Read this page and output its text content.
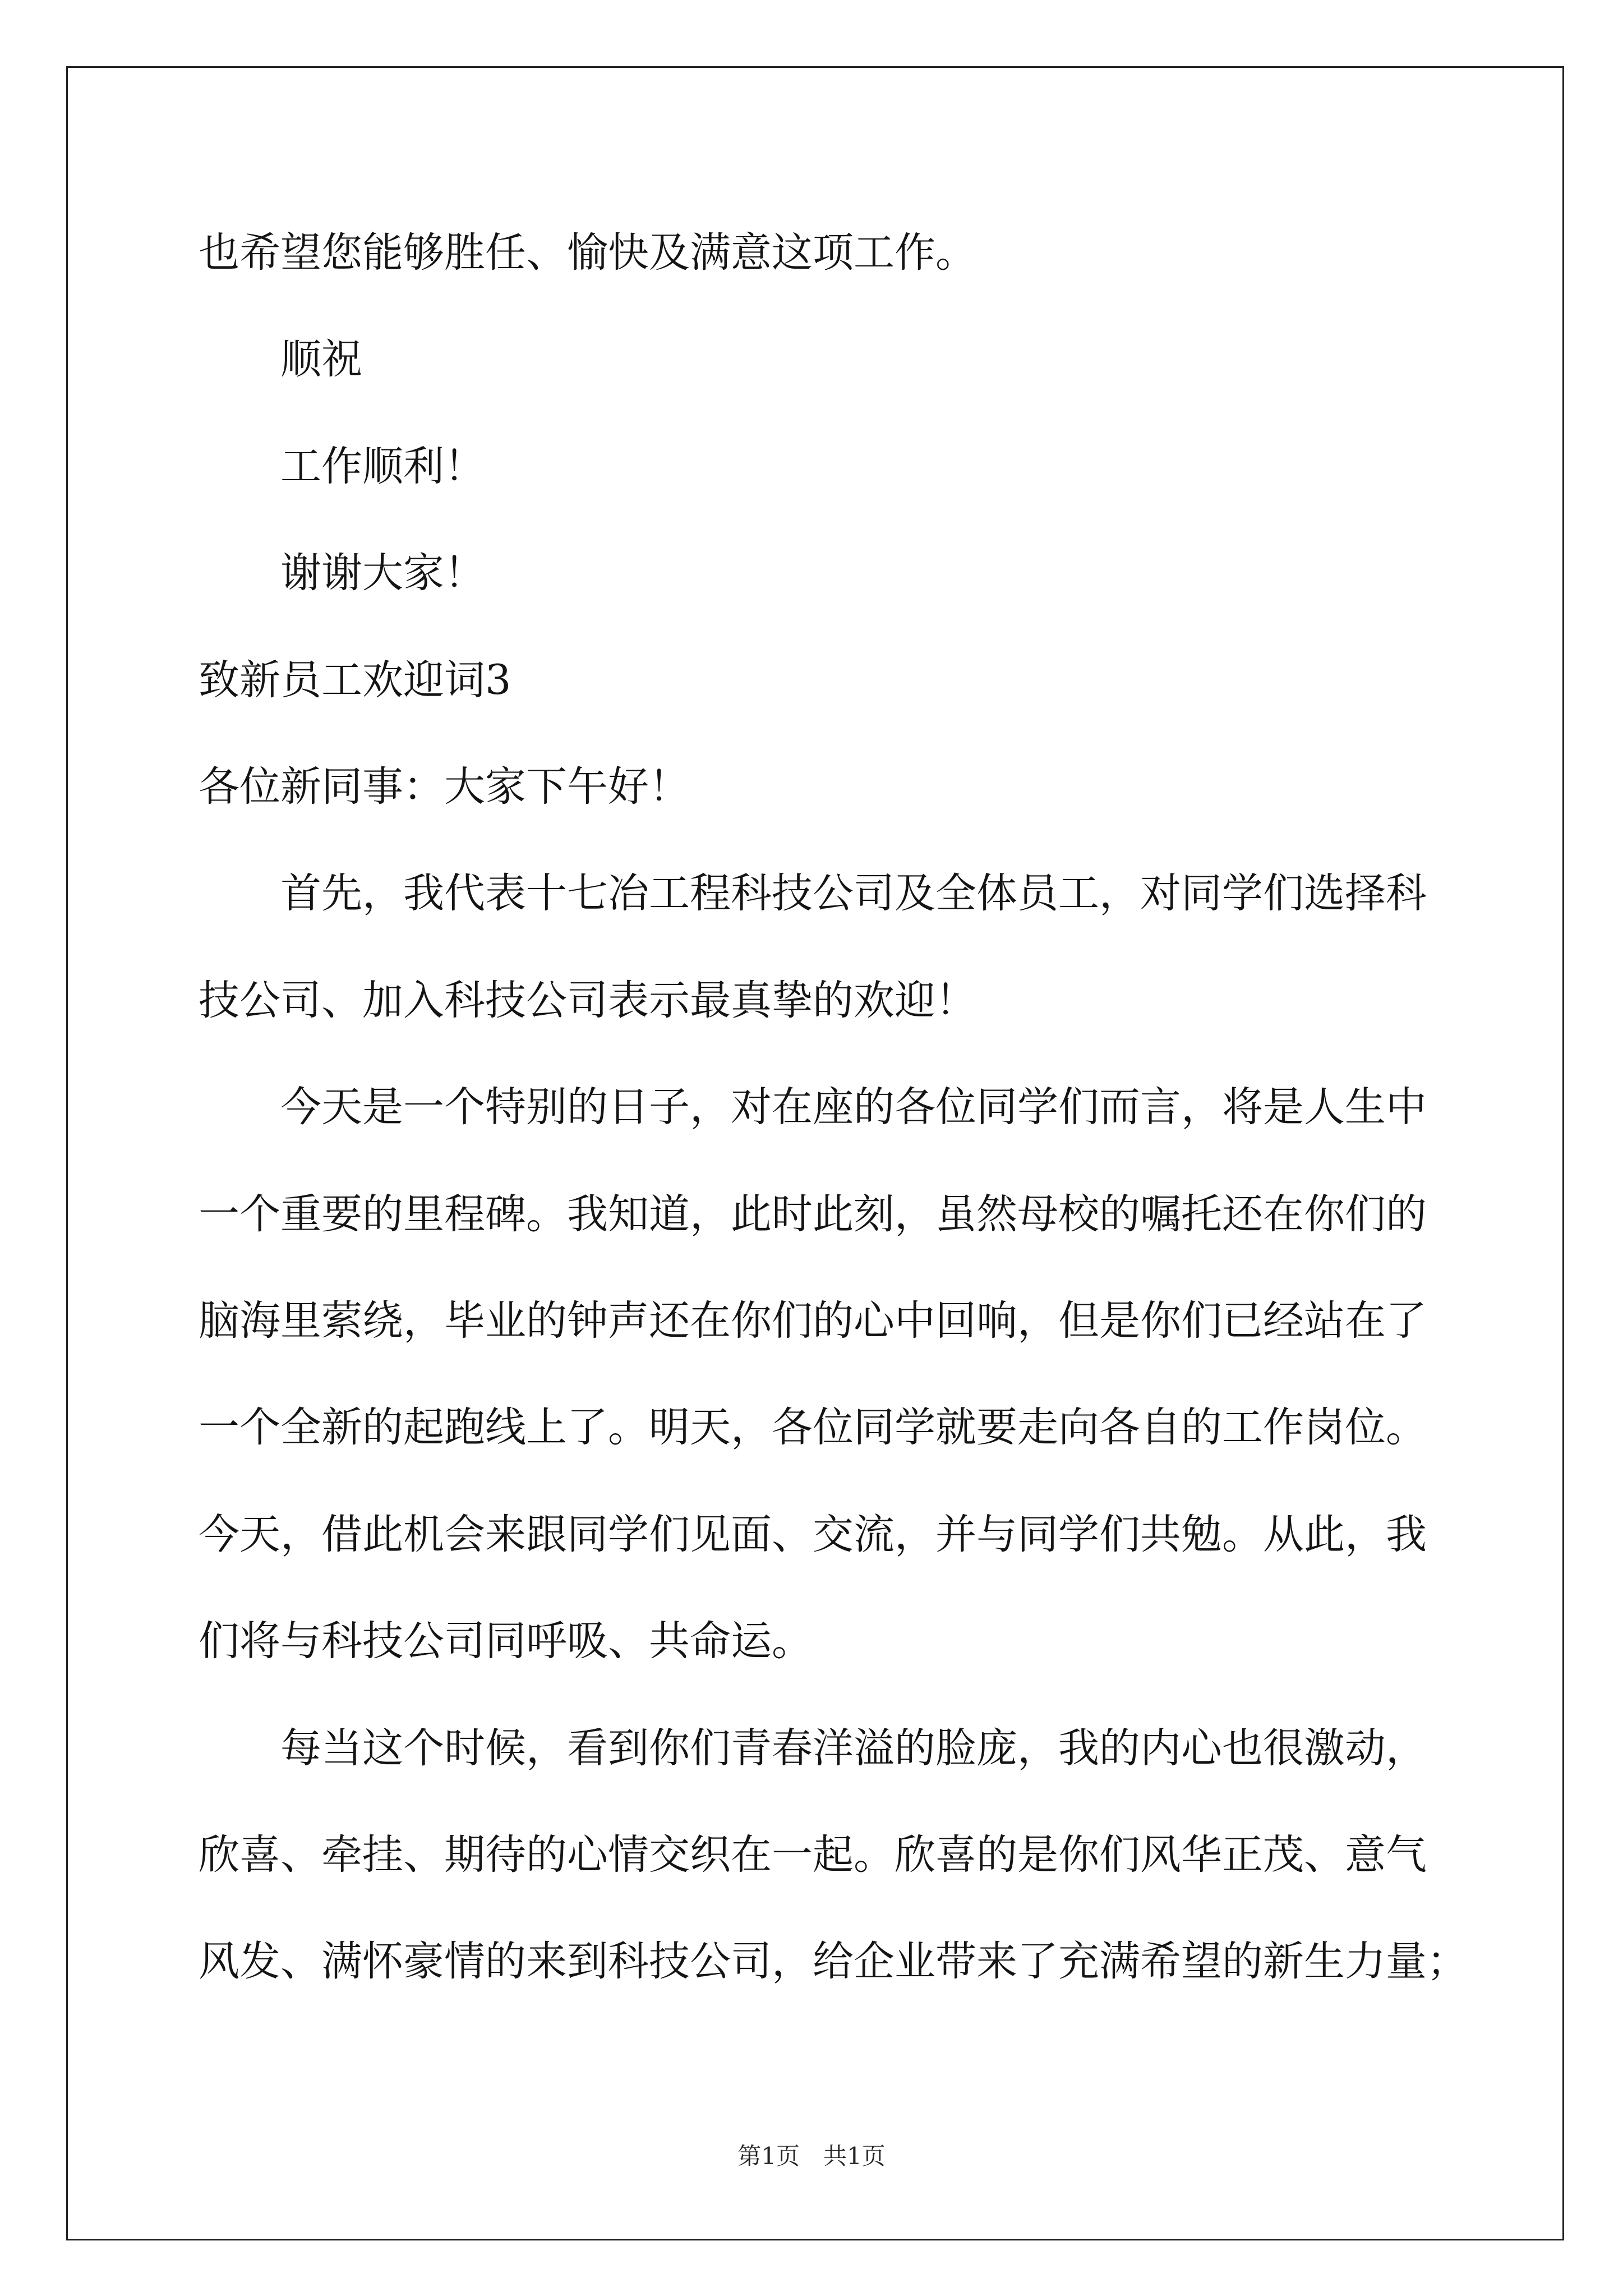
也希望您能够胜任、愉快及满意这项工作。
顺祝
工作顺利！
谢谢大家！
致新员工欢迎词3
各位新同事：大家下午好！
首先，我代表十七冶工程科技公司及全体员工，对同学们选择科
技公司、加入科技公司表示最真挚的欢迎！
今天是一个特别的日子，对在座的各位同学们而言，将是人生中
一个重要的里程碑。我知道，此时此刻，虽然母校的嘱托还在你们的
脑海里萦绕，毕业的钟声还在你们的心中回响，但是你们已经站在了
一个全新的起跑线上了。明天，各位同学就要走向各自的工作岗位。
今天，借此机会来跟同学们见面、交流，并与同学们共勉。从此，我
们将与科技公司同呼吸、共命运。
每当这个时候，看到你们青春洋溢的脸庞，我的内心也很激动，
欣喜、牵挂、期待的心情交织在一起。欣喜的是你们风华正茂、意气
风发、满怀豪情的来到科技公司，给企业带来了充满希望的新生力量；
第1页　共1页
